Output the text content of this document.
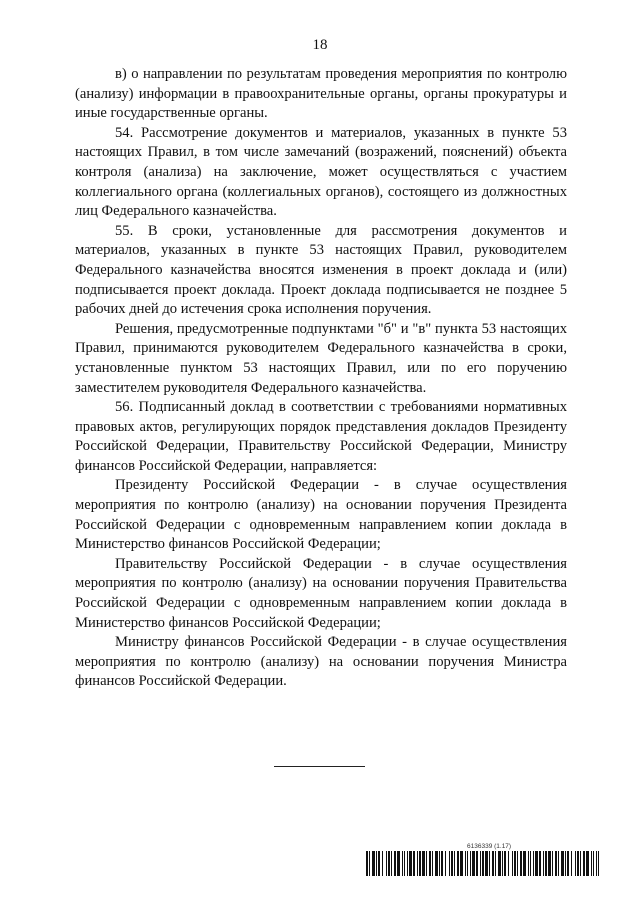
18

в) о направлении по результатам проведения мероприятия по контролю (анализу) информации в правоохранительные органы, органы прокуратуры и иные государственные органы.

54. Рассмотрение документов и материалов, указанных в пункте 53 настоящих Правил, в том числе замечаний (возражений, пояснений) объекта контроля (анализа) на заключение, может осуществляться с участием коллегиального органа (коллегиальных органов), состоящего из должностных лиц Федерального казначейства.

55. В сроки, установленные для рассмотрения документов и материалов, указанных в пункте 53 настоящих Правил, руководителем Федерального казначейства вносятся изменения в проект доклада и (или) подписывается проект доклада. Проект доклада подписывается не позднее 5 рабочих дней до истечения срока исполнения поручения.

Решения, предусмотренные подпунктами "б" и "в" пункта 53 настоящих Правил, принимаются руководителем Федерального казначейства в сроки, установленные пунктом 53 настоящих Правил, или по его поручению заместителем руководителя Федерального казначейства.

56. Подписанный доклад в соответствии с требованиями нормативных правовых актов, регулирующих порядок представления докладов Президенту Российской Федерации, Правительству Российской Федерации, Министру финансов Российской Федерации, направляется:

Президенту Российской Федерации - в случае осуществления мероприятия по контролю (анализу) на основании поручения Президента Российской Федерации с одновременным направлением копии доклада в Министерство финансов Российской Федерации;

Правительству Российской Федерации - в случае осуществления мероприятия по контролю (анализу) на основании поручения Правительства Российской Федерации с одновременным направлением копии доклада в Министерство финансов Российской Федерации;

Министру финансов Российской Федерации - в случае осуществления мероприятия по контролю (анализу) на основании поручения Министра финансов Российской Федерации.

6136339 (1.17)
